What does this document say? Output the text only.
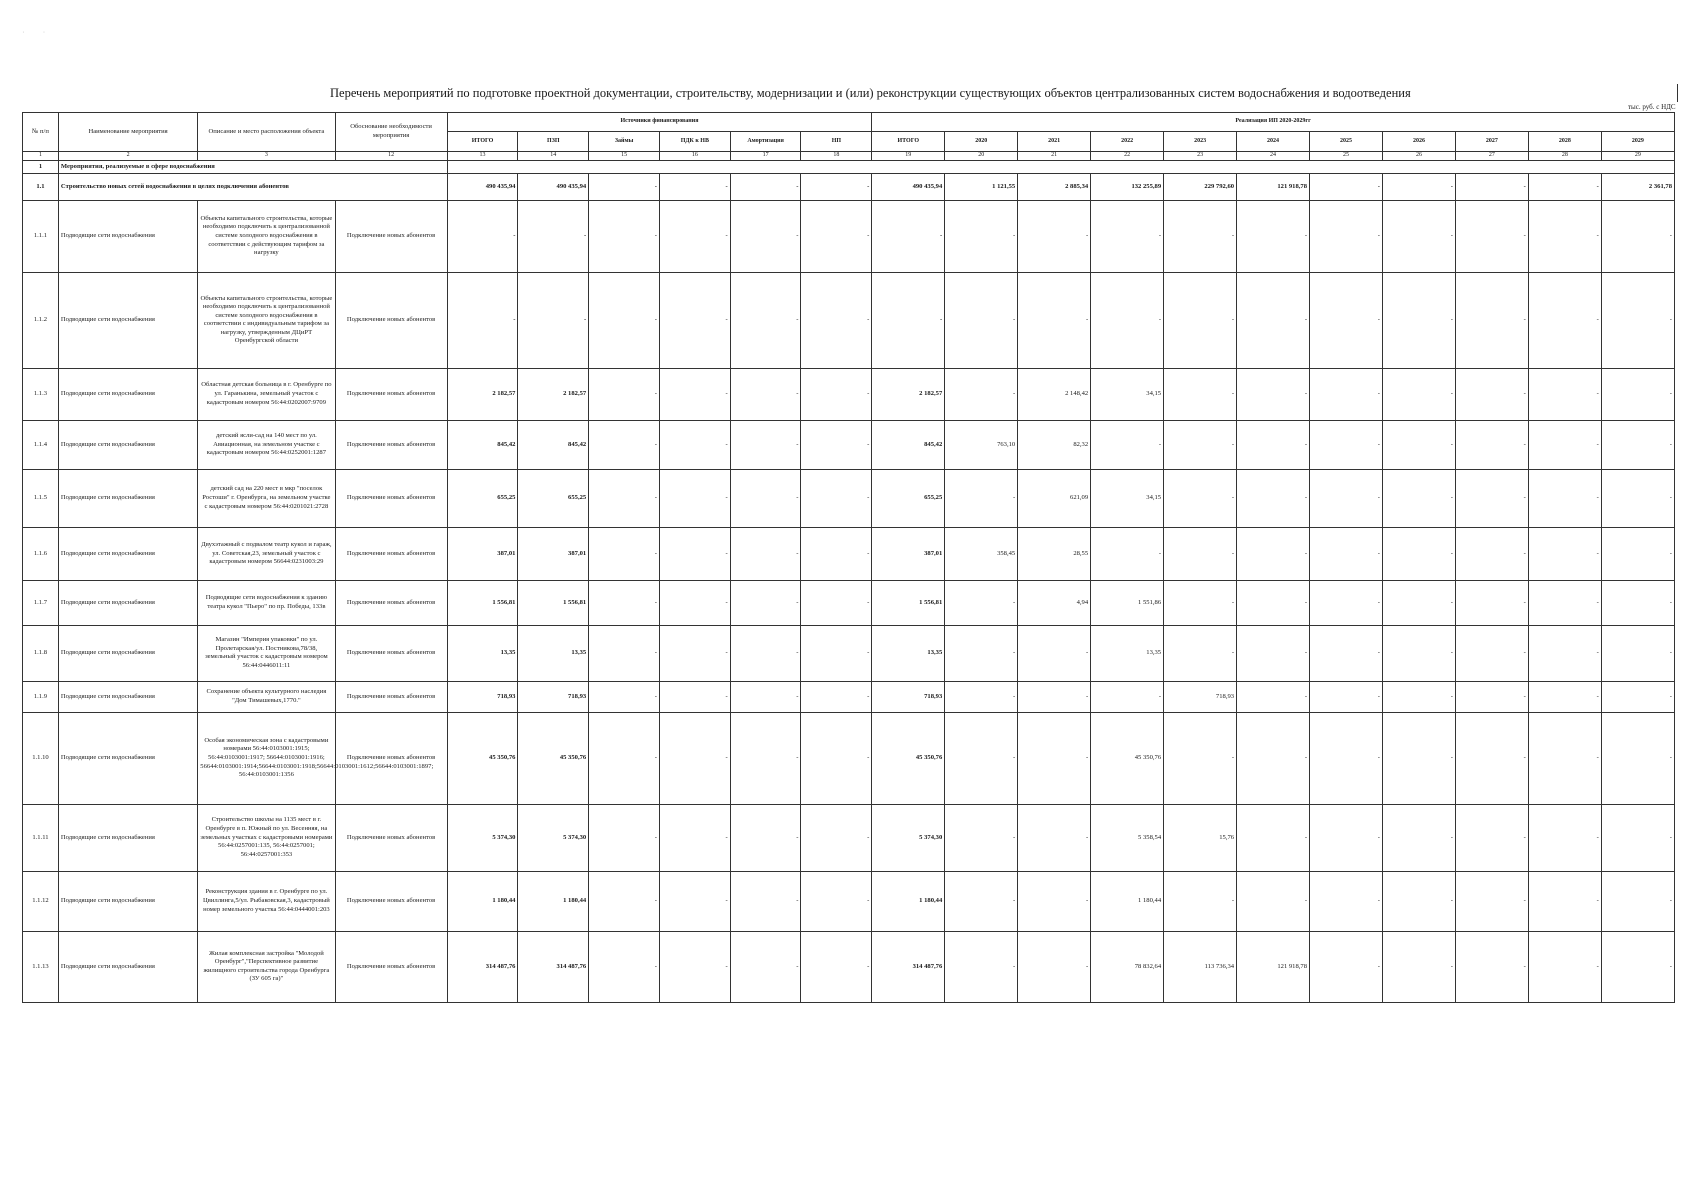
˙         ˙
Перечень мероприятий по подготовке проектной документации, строительству, модернизации и (или) реконструкции существующих объектов централизованных систем водоснабжения и водоотведения
тыс. руб. с НДС
№ п/п	Наименование мероприятия	Описание и место расположения объекта	Обоснование необходимости мероприятия	Источники финансирования						Реализация ИП 2020-2029гг										
				ИТОГО	ПЗП	Займы	ПДК к НВ	Амортизация	НП	ИТОГО	2020	2021	2022	2023	2024	2025	2026	2027	2028	2029
1	2	3	12	13	14	15	16	17	18	19	20	21	22	23	24	25	26	27	28	29
1	Мероприятия, реализуемые в сфере водоснабжения																			
1.1	Строительство новых сетей водоснабжения в целях подключения абонентов			490 435,94	490 435,94	-	-	-	-	490 435,94	1 121,55	2 885,34	132 255,89	229 792,60	121 918,78	-	-	-	-	2 361,78
1.1.1	Подводящие сети водоснабжения	Объекты капитального строительства, которые необходимо подключить к централизованной системе холодного водоснабжения в соответствии с действующим тарифом за нагрузку	Подключение новых абонентов	-	-	-	-	-	-	-	-	-	-	-	-	-	-	-	-	-
1.1.2	Подводящие сети водоснабжения	Объекты капитального строительства, которые необходимо подключить к централизованной системе холодного водоснабжения в соответствии с индивидуальным тарифом за нагрузку, утвержденным ДЦиРТ Оренбургской области	Подключение новых абонентов	-	-	-	-	-	-	-	-	-	-	-	-	-	-	-	-	-
1.1.3	Подводящие сети водоснабжения	Областная детская больница в г. Оренбурге по ул. Гаранькина, земельный участок с кадастровым номером 56:44:0202007:9709	Подключение новых абонентов	2 182,57	2 182,57	-	-	-	-	2 182,57	-	2 148,42	34,15	-	-	-	-	-	-	-
1.1.4	Подводящие сети водоснабжения	детский ясли-сад на 140 мест по ул. Авиационная, на земельном участке с кадастровым номером 56:44:0252001:1287	Подключение новых абонентов	845,42	845,42	-	-	-	-	845,42	763,10	82,32	-	-	-	-	-	-	-	-
1.1.5	Подводящие сети водоснабжения	детский сад на 220 мест в мкр "поселок Ростоши" г. Оренбурга, на земельном участке с кадастровым номером 56:44:0201021:2728	Подключение новых абонентов	655,25	655,25	-	-	-	-	655,25	-	621,09	34,15	-	-	-	-	-	-	-
1.1.6	Подводящие сети водоснабжения	Двухэтажный с подвалом театр кукол и гараж, ул. Советская,23, земельный участок с кадастровым номером 56644:0231003:29	Подключение новых абонентов	387,01	387,01	-	-	-	-	387,01	358,45	28,55	-	-	-	-	-	-	-	-
1.1.7	Подводящие сети водоснабжения	Подводящие сети водоснабжения к зданию театра кукол "Пьеро" по пр. Победы, 133в	Подключение новых абонентов	1 556,81	1 556,81	-	-	-	-	1 556,81	-	4,94	1 551,86	-	-	-	-	-	-	-
1.1.8	Подводящие сети водоснабжения	Магазин "Империя упаковки" по ул. Пролетарская/ул. Постникова,78/38, земельный участок с кадастровым номером 56:44:0446011:11	Подключение новых абонентов	13,35	13,35	-	-	-	-	13,35	-	-	13,35	-	-	-	-	-	-	-
1.1.9	Подводящие сети водоснабжения	Сохранение объекта культурного наследия "Дом Тимашевых,1770."	Подключение новых абонентов	718,93	718,93	-	-	-	-	718,93	-	-	-	718,93	-	-	-	-	-	-
1.1.10	Подводящие сети водоснабжения	Особая экономическая зона с кадастровыми номерами 56:44:0103001:1915; 56:44:0103001:1917; 56644:0103001:1916; 56644:0103001:1914;56644:0103001:1918;56644:0103001:1612;56644:0103001:1897; 56:44:0103001:1356	Подключение новых абонентов	45 350,76	45 350,76	-	-	-	-	45 350,76	-	-	45 350,76	-	-	-	-	-	-	-
1.1.11	Подводящие сети водоснабжения	Строительство школы на 1135 мест в г. Оренбурге в п. Южный по ул. Весенняя, на земельных участках с кадастровыми номерами 56:44:0257001:135, 56:44:0257001; 56:44:0257001:353	Подключение новых абонентов	5 374,30	5 374,30	-	-	-	-	5 374,30	-	-	5 358,54	15,76	-	-	-	-	-	-
1.1.12	Подводящие сети водоснабжения	Реконструкция здания в г. Оренбурге по ул. Цвиллинга,5/ул. Рыбаковская,3, кадастровый номер земельного участка 56:44:0444001:203	Подключение новых абонентов	1 180,44	1 180,44	-	-	-	-	1 180,44	-	-	1 180,44	-	-	-	-	-	-	-
1.1.13	Подводящие сети водоснабжения	Жилая комплексная застройка "Молодой Оренбург","Перспективное развитие жилищного строительства города Оренбурга (ЗУ 605 га)"	Подключение новых абонентов	314 487,76	314 487,76	-	-	-	-	314 487,76	-	-	78 832,64	113 736,34	121 918,78	-	-	-	-	-
